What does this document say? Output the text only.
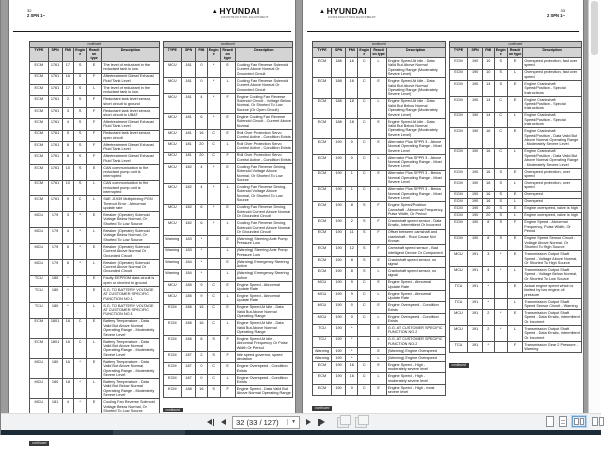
32
2 SPN 1~
▲ HYUNDAI
CONSTRUCTION EQUIPMENT
continued
TYPE	SPN	FMI	Engine	Reaction type	Description
ECM	1761	17	S	E	The level of reductant in the reductant tank is low.
ECM	1761	16	S	F	Aftertreatment Diesel Exhaust Fluid Tank Level
ECM	1761	17	S	L	The level of reductant in the reductant tank is low.
ECM	1761	2	S	F	Reductant tank level sensor, short circuit to ground
ECM	1761	3	S	F	Reductant tank level sensor, short circuit to UBAT
ECM	1761	4	S	F	Aftertreatment Diesel Exhaust Fluid Tank Level
ECM	1761	5	S	F	Reductant tank level sensor, open circuit
ECM	1761	6	S	F	Aftertreatment Diesel Exhaust Fluid Tank Level
ECM	1761	8	S	F	Aftertreatment Diesel Exhaust Fluid Tank Level
ECM	1761	10	S	E	CAN communication to the reductant pump unit is interrupted
ECM	1761	10	S	L	CAN communication to the reductant pump unit is interrupted
ECM	1761	9	C	L	SAE J1939 Multiplexing PGN Timeout Error - Abnormal update rate
MCU	179	3	*	E	Breaker (Operate) Solenoid Voltage Below Normal, Or Shorted To Low Source
MCU	179	4	*	L	Breaker (Operate) Solenoid Voltage Below Normal, Or Shorted To Low Source
MCU	179	6	*	E	Breaker (Operate) Solenoid Current Above Normal Or Grounded Circuit
MCU	179	6	*	L	Breaker (Operate) Solenoid Current Above Normal Or Grounded Circuit
TCU	180	*		E	Faulty EEPROM data circuit is open or shorted to ground
TCU	180	*		E	S.G. TO BATTERY VOLTAGE AT CUSTOMER SPECIFIC FUNCTION NO.1
TCU	180	*		L	S.G. TO BATTERY VOLTAGE AT CUSTOMER SPECIFIC FUNCTION NO.1
ECM	1801	16	C	E	Battery Temperature - Data Valid But Above Normal Operating Range - Moderately Severe Level
ECM	1801	16	C	L	Battery Temperature - Data Valid But Above Normal Operating Range - Moderately Severe Level
MCU	180	16	*	E	Battery Temperature - Data Valid But Above Normal Operating Range - Moderately Severe Level
MCU	180	18	*	L	Battery Temperature - Data Valid But Below Normal Operating Range - Moderately Severe Level
MCU	181	4	*	E	Cooling Fan Reverse Solenoid Voltage Below Normal, Or Shorted To Low Source

continued
continued
TYPE	SPN	FMI	Engine	Reaction type	Description
MCU	181	0	*	E	Cooling Fan Reverse Solenoid Current Above Normal Or Grounded Circuit
MCU	181	0	*	L	Cooling Fan Reverse Solenoid Current Above Normal Or Grounded Circuit
MCU	181	4	*	F	Engine Cooling Fan Reverse Solenoid Circuit - Voltage Below Normal, Or Shorted To Low Source (Or Open Circuit)
MCU	181	6	*	E	Engine Cooling Fan Reverse Solenoid Circuit - Current Above Normal
MCU	181	16	C	E	Roll Over Protection Servo Control Active - Condition Exists
MCU	181	20	C	L	Roll Over Protection Servo Control Active - Condition Exists
MCU	181	20	C	F	Roll Over Protection Servo Control Active - Condition Exists
MCU	182	4	*	E	Cooling Fan Reverse Driving, Solenoid Voltage Above Normal, Or Shorted To Low Source
MCU	182	4	*	L	Cooling Fan Reverse Driving, Solenoid Voltage Above Normal, Or Shorted To Low Source
MCU	182	6	*	E	Cooling Fan Reverse Driving, Solenoid Current Above Normal Or Grounded Circuit
MCU	182	6	*	L	Cooling Fan Reverse Driving, Solenoid Current Above Normal Or Grounded Circuit
Warning	183	*		E	(Warning) Steering Axle Pump Pressure Low
Warning	183	*		L	(Warning) Steering Axle Pump Pressure Low
Warning	184	*		E	(Warning) Emergency Steering Active
Warning	184	*		L	(Warning) Emergency Steering Active
MCU	185	9	C	E	Engine Speed - Abnormal Update Rate
MCU	185	9	C	L	Engine Speed - Abnormal Update Rate
ECM	186	16	C	E	Engine Speed At Idle - Data Valid But Above Normal Operating Range
ECM	186	16	C	L	Engine Speed At Idle - Data Valid But Above Normal Operating Range
ECM	186	8	S	F	Engine Speed At Idle - Abnormal Frequency Or Pulse Width Or Period
ECM	187	2	S	F	Idle speed governor, speed deviation
ECM	187	0	C	E	Engine Overspeed - Condition Exists
ECM	187	0	C	L	Engine Overspeed - Condition Exists
ECM	188	16	S	F	Engine Speed - Data Valid But Above Normal Operating Range
continued
▲ HYUNDAI
CONSTRUCTION EQUIPMENT
33
2 SPN 1~
continued
TYPE	SPN	FMI	Engine	Reaction type	Description
ECM	188	16	C	L	Engine Speed At Idle - Data Valid But Above Normal Operating Range (Moderately Severe Level)
ECM	188	16	C	E	Engine Speed At Idle - Data Valid But Above Normal Operating Range (Moderately Severe Level)
ECM	188	18	C	L	Engine Speed At Idle - Data Valid But Below Normal Operating Range (Moderately Severe Level)
ECM	188	18	C	E	Engine Speed At Idle - Data Valid But Below Normal Operating Range (Moderately Severe Level)
ECM	190	0	C	E	Alternator Plus SPPR 3 - Above Normal Operating Range - Most Severe Level
ECM	190	0	C	L	Alternator Plus SPPR 3 - Above Normal Operating Range - Most Severe Level
ECM	190	1	C	E	Alternator Plus SPPR 3 - Below Normal Operating Range - Most Severe Level
ECM	190	1	C	L	Alternator Plus SPPR 3 - Below Normal Operating Range - Most Severe Level
ECM	190	8	S	F	Engine Speed/Position Camshaft - Abnormal Frequency, Pulse Width, Or Period
ECM	190	2	S	F	Crankshaft speed sensor - Data Erratic, Intermittent Or Incorrect
ECM	190	11	S	F	Offset between camshaft and crankshaft - Root Cause Not Known
ECM	190	12	S	F	Camshaft speed sensor - Bad Intelligent Device Or Component
ECM	190	8	S	E	Crankshaft speed sensor, no signal
ECM	190	8	S	L	Crankshaft speed sensor, no signal
MCU	190	9	C	E	Engine Speed - Abnormal Update Rate
MCU	190	9	C	L	Engine Speed - Abnormal Update Rate
MCU	190	0	C	E	Engine Overspeed - Condition Exists
MCU	190	0	C	L	Engine Overspeed - Condition Exists
TCU	190	*		E	G.G. AT CUSTOMER SPECIFIC FUNCTION NO.2
TCU	190	*		L	G.G. AT CUSTOMER SPECIFIC FUNCTION NO.2
Warning	190	*		E	(Warning) Engine Overspeed
Warning	190	*		L	(Warning) Engine Overspeed
ECM	190	16	C	E	Engine Speed - High - moderately severe level
ECM	190	16	C	L	Engine Speed - High - moderately severe level
ECM	190	0	C	E	Engine Speed - High - most severe level
continued
continued
TYPE	SPN	FMI	Engine	Reaction type	Description
ECM	190	10	S	E	Overspeed protection, fast over speed
ECM	190	10	S	L	Overspeed protection, fast over speed
ECM	190	14	S	E	Engine Crankshaft Speed/Position - Special Instructions
ECM	190	14	C	E	Engine Crankshaft Speed/Position - Special Instructions
ECM	190	14	C	L	Engine Crankshaft Speed/Position - Special Instructions
ECM	190	16	C	E	Engine Crankshaft Speed/Position - Data Valid But Above Normal Operating Range - Moderately Severe Level
ECM	190	16	C	L	Engine Crankshaft Speed/Position - Data Valid But Above Normal Operating Range - Moderately Severe Level
ECM	190	16	S	E	Overspeed protection, over speed
ECM	190	16	S	L	Overspeed protection, over speed
ECM	190	16	S	E	Overspeed
ECM	190	16	S	L	Overspeed
ECM	190	20	S	E	Engine overspeed, valve is high
ECM	190	20	S	L	Engine overspeed, valve is high
ECM	190	8	S	F	Engine Speed - Abnormal Frequency, Pulse Width, Or Period
ECM	190	8	S	E	Engine Speed Sensor Circuit - Voltage Above Normal, Or Shorted To High Source
MCU	191	3	*	E	Transmission Output Shaft Speed - Voltage Above Normal, Or Shorted To High Source
MCU	191	4	*	L	Transmission Output Shaft Speed - Voltage Below Normal, Or Shorted To Low Source
TCU	191	*		E	Actual engine speed which is limited by low engine oil pressure
TCU	191	*		L	Transmission Output Shaft Speed Sensor Circuit - Warning
MCU	191	2	*	E	Transmission Output Shaft Speed - Data Erratic, Intermittent Or Incorrect
MCU	191	2	*	L	Transmission Output Shaft Speed - Data Erratic, Intermittent Or Incorrect
TCU	191	*		F	Transmission Gear 2 Pressure - Warning
continued
32 (33 / 127)	▼
